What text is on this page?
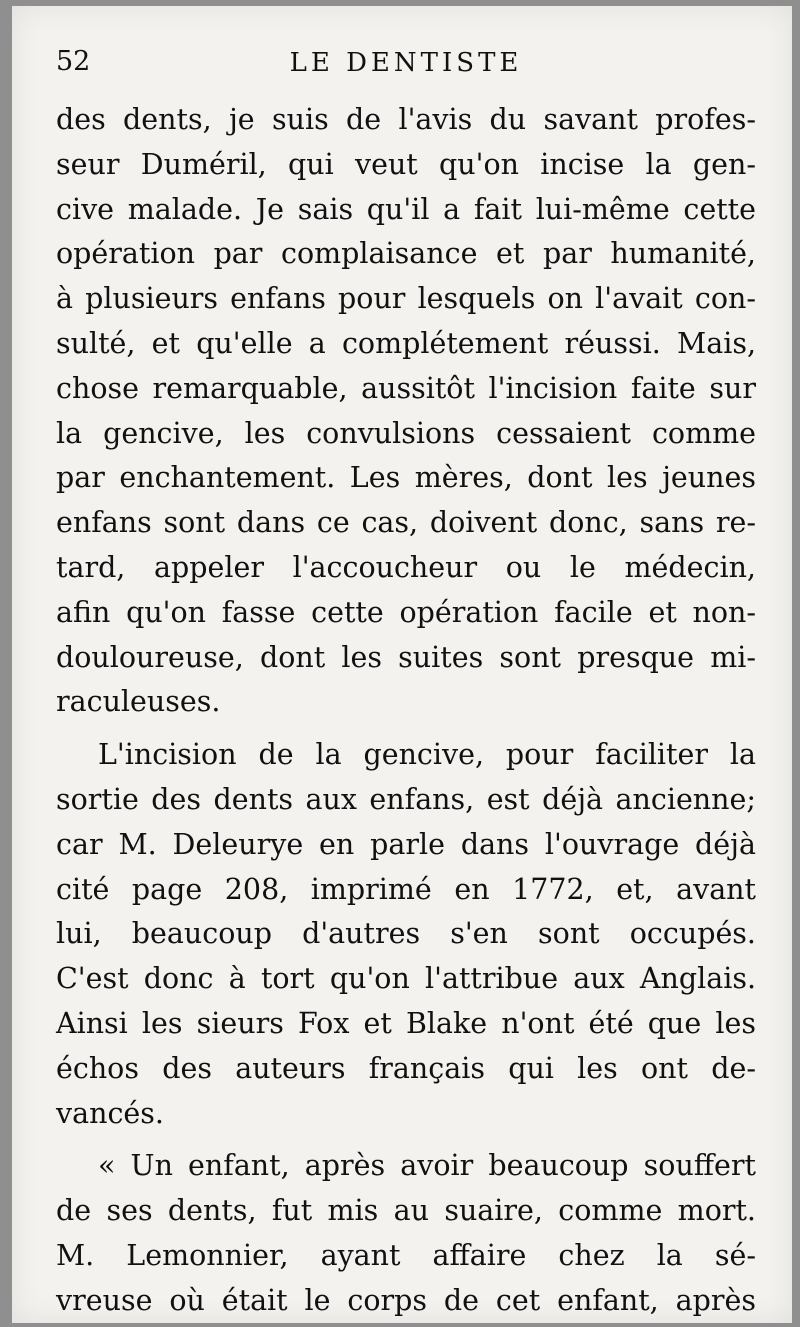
52	LE DENTISTE
des dents, je suis de l'avis du savant profes-
seur Duméril, qui veut qu'on incise la gen-
cive malade. Je sais qu'il a fait lui-même cette
opération par complaisance et par humanité,
à plusieurs enfans pour lesquels on l'avait con-
sulté, et qu'elle a complétement réussi. Mais,
chose remarquable, aussitôt l'incision faite sur
la gencive, les convulsions cessaient comme
par enchantement. Les mères, dont les jeunes
enfans sont dans ce cas, doivent donc, sans re-
tard, appeler l'accoucheur ou le médecin,
afin qu'on fasse cette opération facile et non-
douloureuse, dont les suites sont presque mi-
raculeuses.
L'incision de la gencive, pour faciliter la
sortie des dents aux enfans, est déjà ancienne;
car M. Deleurye en parle dans l'ouvrage déjà
cité page 208, imprimé en 1772, et, avant
lui, beaucoup d'autres s'en sont occupés.
C'est donc à tort qu'on l'attribue aux Anglais.
Ainsi les sieurs Fox et Blake n'ont été que les
échos des auteurs français qui les ont de-
vancés.
« Un enfant, après avoir beaucoup souffert
de ses dents, fut mis au suaire, comme mort.
M. Lemonnier, ayant affaire chez la sé-
vreuse où était le corps de cet enfant, après
